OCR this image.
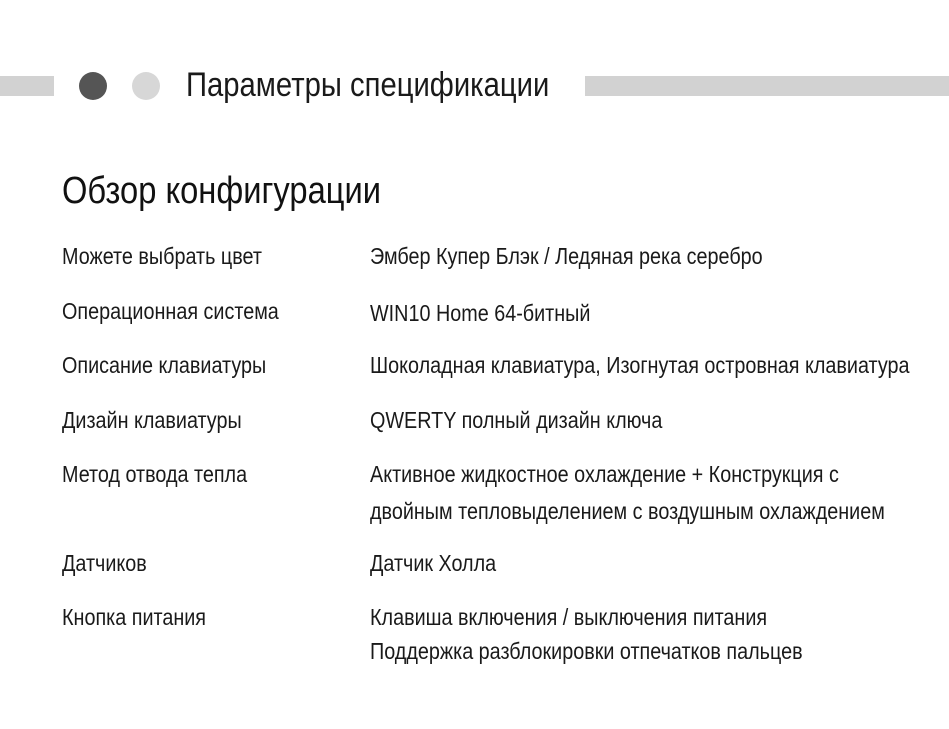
Параметры спецификации
Обзор конфигурации
Можете выбрать цвет	Эмбер Купер Блэк / Ледяная река серебро
Операционная система	WIN10 Home 64-битный
Описание клавиатуры	Шоколадная клавиатура, Изогнутая островная клавиатура
Дизайн клавиатуры	QWERTY полный дизайн ключа
Метод отвода тепла	Активное жидкостное охлаждение + Конструкция с
двойным тепловыделением с воздушным охлаждением
Датчиков	Датчик Холла
Кнопка питания	Клавиша включения / выключения питания
Поддержка разблокировки отпечатков пальцев
